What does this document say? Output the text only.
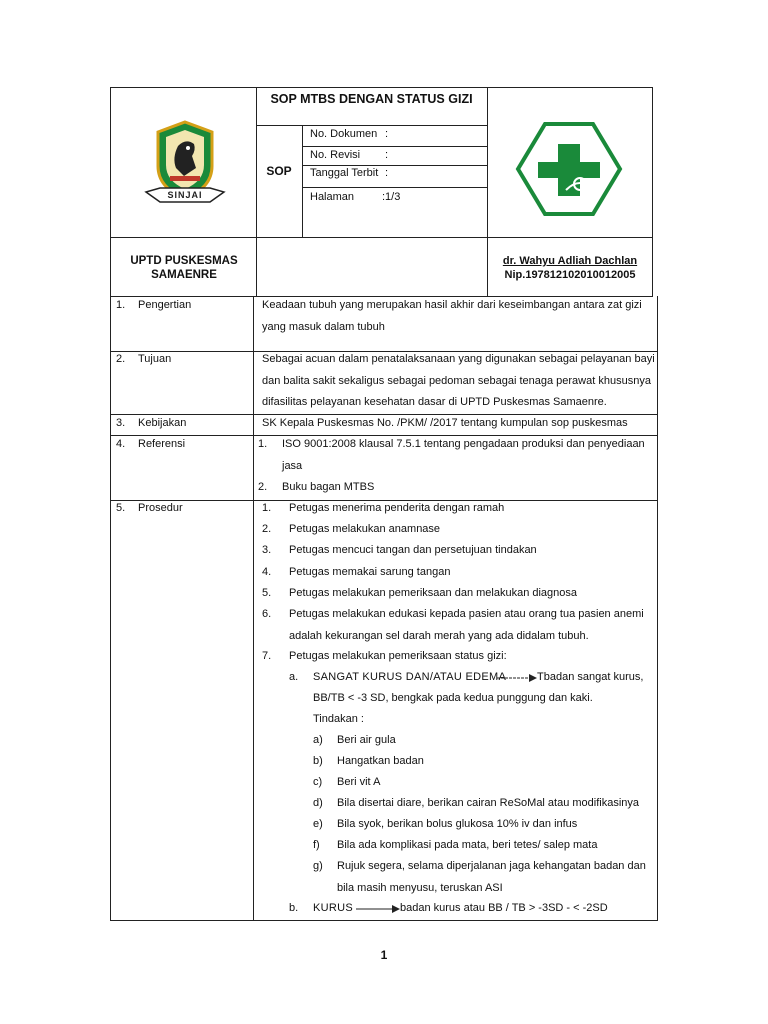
SINJAI
SOP MTBS DENGAN STATUS GIZI
SOP
No. Dokumen :
No. Revisi :
Tanggal Terbit :
Halaman	:1/3
UPTD PUSKESMAS
SAMAENRE
dr. Wahyu Adliah Dachlan
Nip.197812102010012005
1. Pengertian	Keadaan tubuh yang merupakan hasil akhir dari keseimbangan antara zat gizi
yang masuk dalam tubuh
2. Tujuan	Sebagai acuan dalam penatalaksanaan yang digunakan sebagai pelayanan bayi
dan balita sakit sekaligus sebagai pedoman sebagai tenaga perawat khususnya
difasilitas pelayanan kesehatan dasar di UPTD Puskesmas Samaenre.
3. Kebijakan	SK Kepala Puskesmas No. /PKM/ /2017 tentang kumpulan sop puskesmas
4. Referensi	1. ISO 9001:2008 klausal 7.5.1 tentang pengadaan produksi dan penyediaan
jasa
2. Buku bagan MTBS
5. Prosedur	1. Petugas menerima penderita dengan ramah
2. Petugas melakukan anamnase
3. Petugas mencuci tangan dan persetujuan tindakan
4. Petugas memakai sarung tangan
5. Petugas melakukan pemeriksaan dan melakukan diagnosa
6. Petugas melakukan edukasi kepada pasien atau orang tua pasien anemi
adalah kekurangan sel darah merah yang ada didalam tubuh.
7. Petugas melakukan pemeriksaan status gizi:
a. SANGAT KURUS DAN/ATAU EDEMA	Tbadan sangat kurus,
BB/TB < -3 SD, bengkak pada kedua punggung dan kaki.
Tindakan :
a) Beri air gula
b) Hangatkan badan
c) Beri vit A
d) Bila disertai diare, berikan cairan ReSoMal atau modifikasinya
e) Bila syok, berikan bolus glukosa 10% iv dan infus
f) Bila ada komplikasi pada mata, beri tetes/ salep mata
g) Rujuk segera, selama diperjalanan jaga kehangatan badan dan
bila masih menyusu, teruskan ASI
b. KURUS	badan kurus atau BB / TB > -3SD - < -2SD
1
